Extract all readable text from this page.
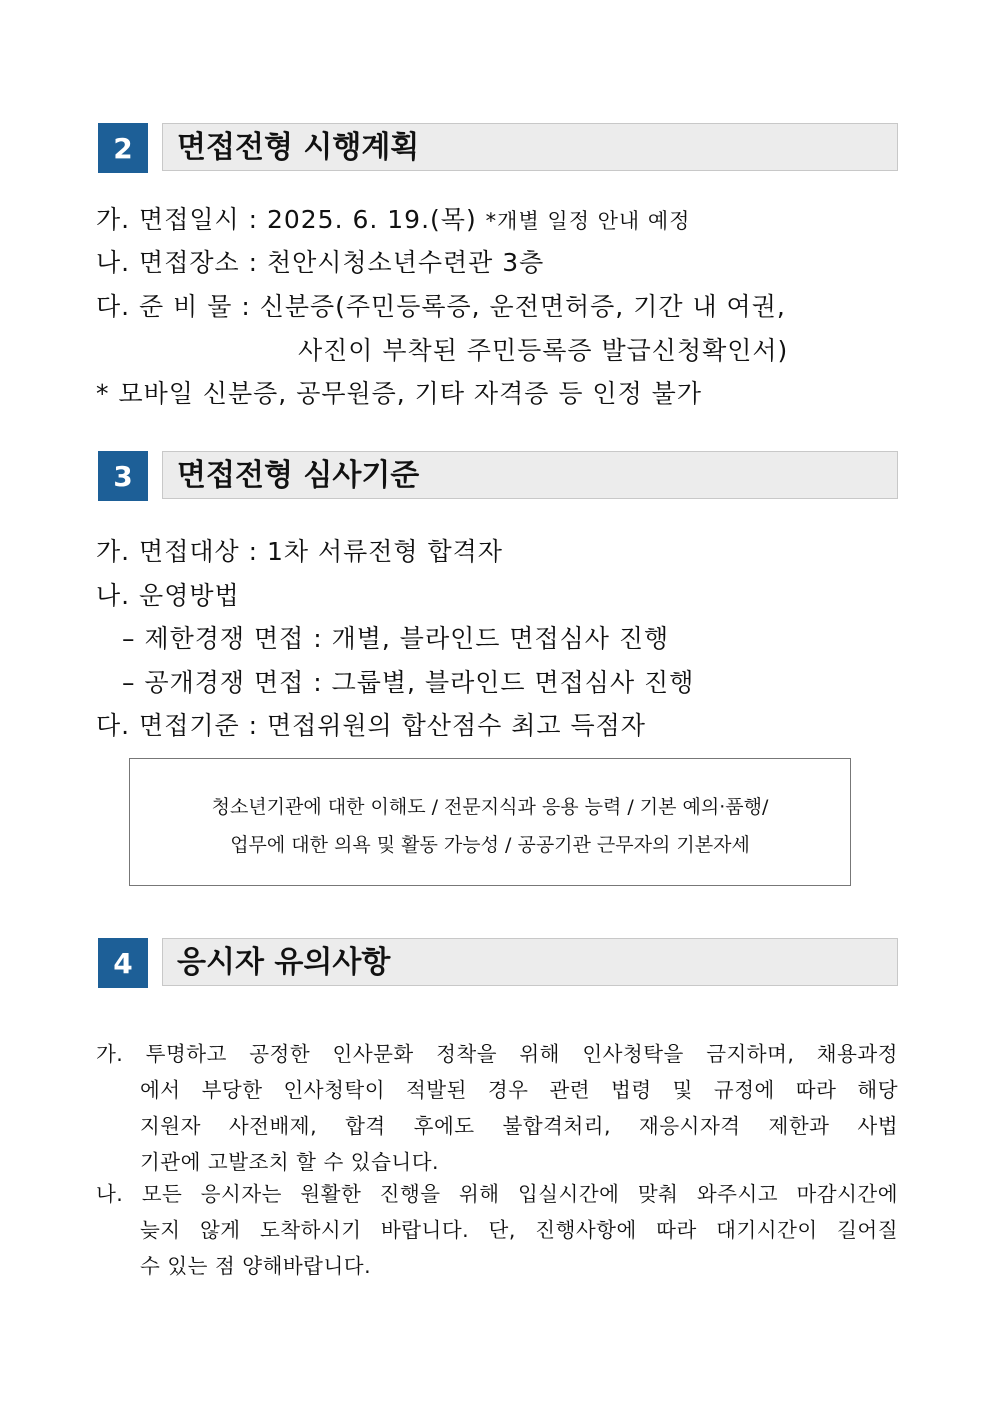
2	면접전형 시행계획
가. 면접일시 : 2025. 6. 19.(목) *개별 일정 안내 예정
나. 면접장소 : 천안시청소년수련관 3층
다. 준 비 물 : 신분증(주민등록증, 운전면허증, 기간 내 여권,
사진이 부착된 주민등록증 발급신청확인서)
* 모바일 신분증, 공무원증, 기타 자격증 등 인정 불가
3	면접전형 심사기준
가. 면접대상 : 1차 서류전형 합격자
나. 운영방법
– 제한경쟁 면접 : 개별, 블라인드 면접심사 진행
– 공개경쟁 면접 : 그룹별, 블라인드 면접심사 진행
다. 면접기준 : 면접위원의 합산점수 최고 득점자
청소년기관에 대한 이해도 / 전문지식과 응용 능력 / 기본 예의·품행/
업무에 대한 의욕 및 활동 가능성 / 공공기관 근무자의 기본자세
4	응시자 유의사항
가. 투명하고 공정한 인사문화 정착을 위해 인사청탁을 금지하며, 채용과정
에서 부당한 인사청탁이 적발된 경우 관련 법령 및 규정에 따라 해당
지원자 사전배제, 합격 후에도 불합격처리, 재응시자격 제한과 사법
기관에 고발조치 할 수 있습니다.
나. 모든 응시자는 원활한 진행을 위해 입실시간에 맞춰 와주시고 마감시간에
늦지 않게 도착하시기 바랍니다. 단, 진행사항에 따라 대기시간이 길어질
수 있는 점 양해바랍니다.
